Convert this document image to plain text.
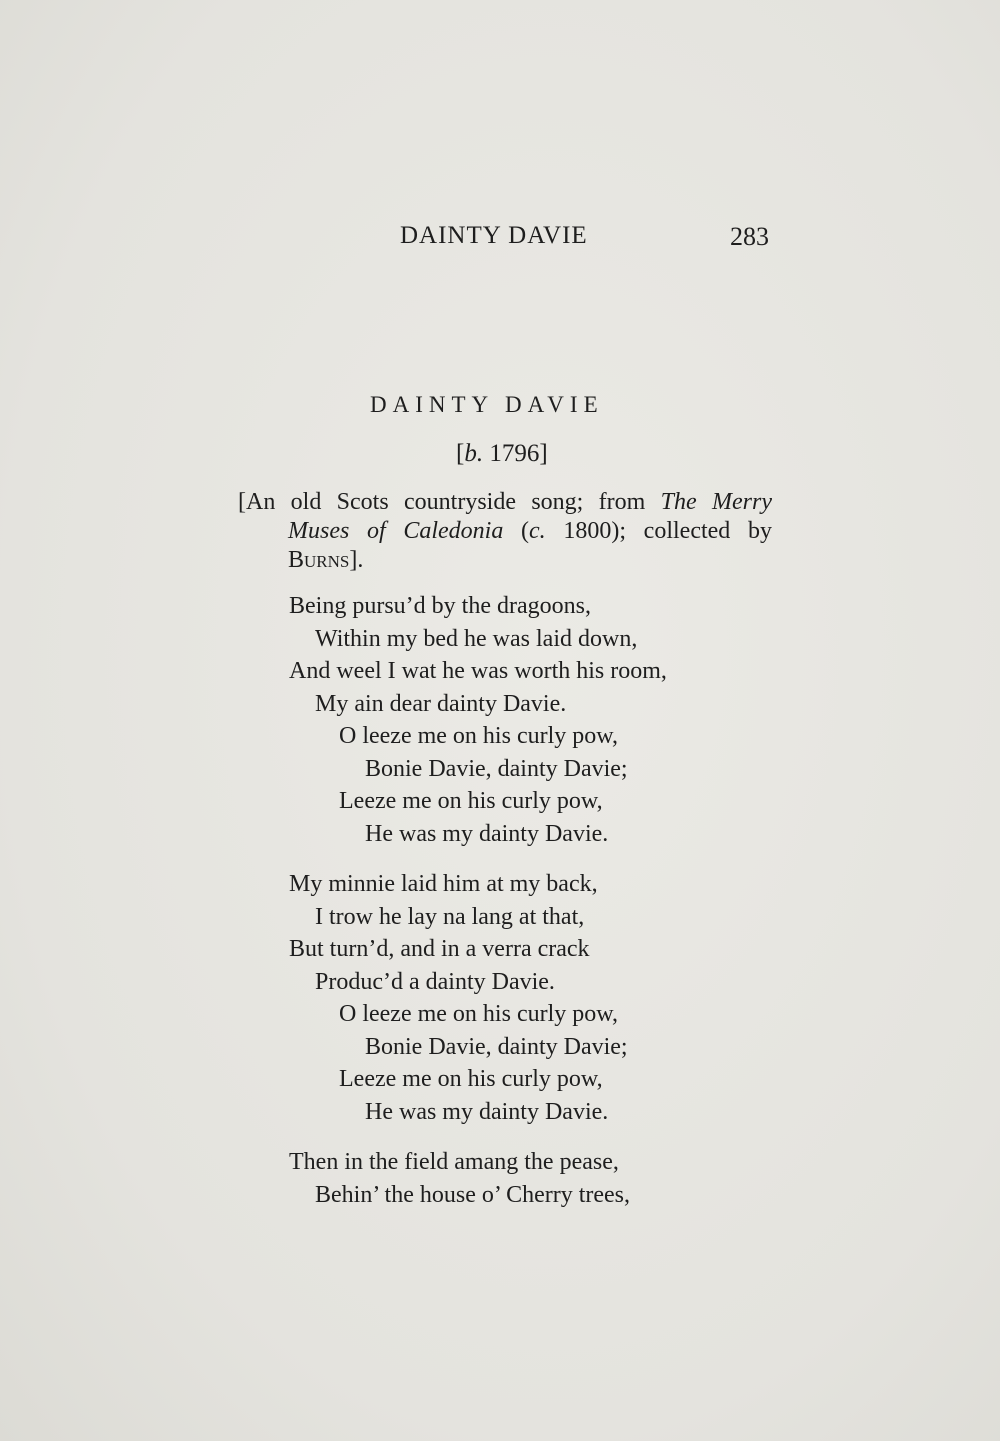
DAINTY DAVIE	283
DAINTY DAVIE
[b. 1796]
[An old Scots countryside song; from The Merry
Muses of Caledonia (c. 1800); collected by
Burns].
Being pursu’d by the dragoons,
Within my bed he was laid down,
And weel I wat he was worth his room,
My ain dear dainty Davie.
O leeze me on his curly pow,
Bonie Davie, dainty Davie;
Leeze me on his curly pow,
He was my dainty Davie.
My minnie laid him at my back,
I trow he lay na lang at that,
But turn’d, and in a verra crack
Produc’d a dainty Davie.
O leeze me on his curly pow,
Bonie Davie, dainty Davie;
Leeze me on his curly pow,
He was my dainty Davie.
Then in the field amang the pease,
Behin’ the house o’ Cherry trees,
